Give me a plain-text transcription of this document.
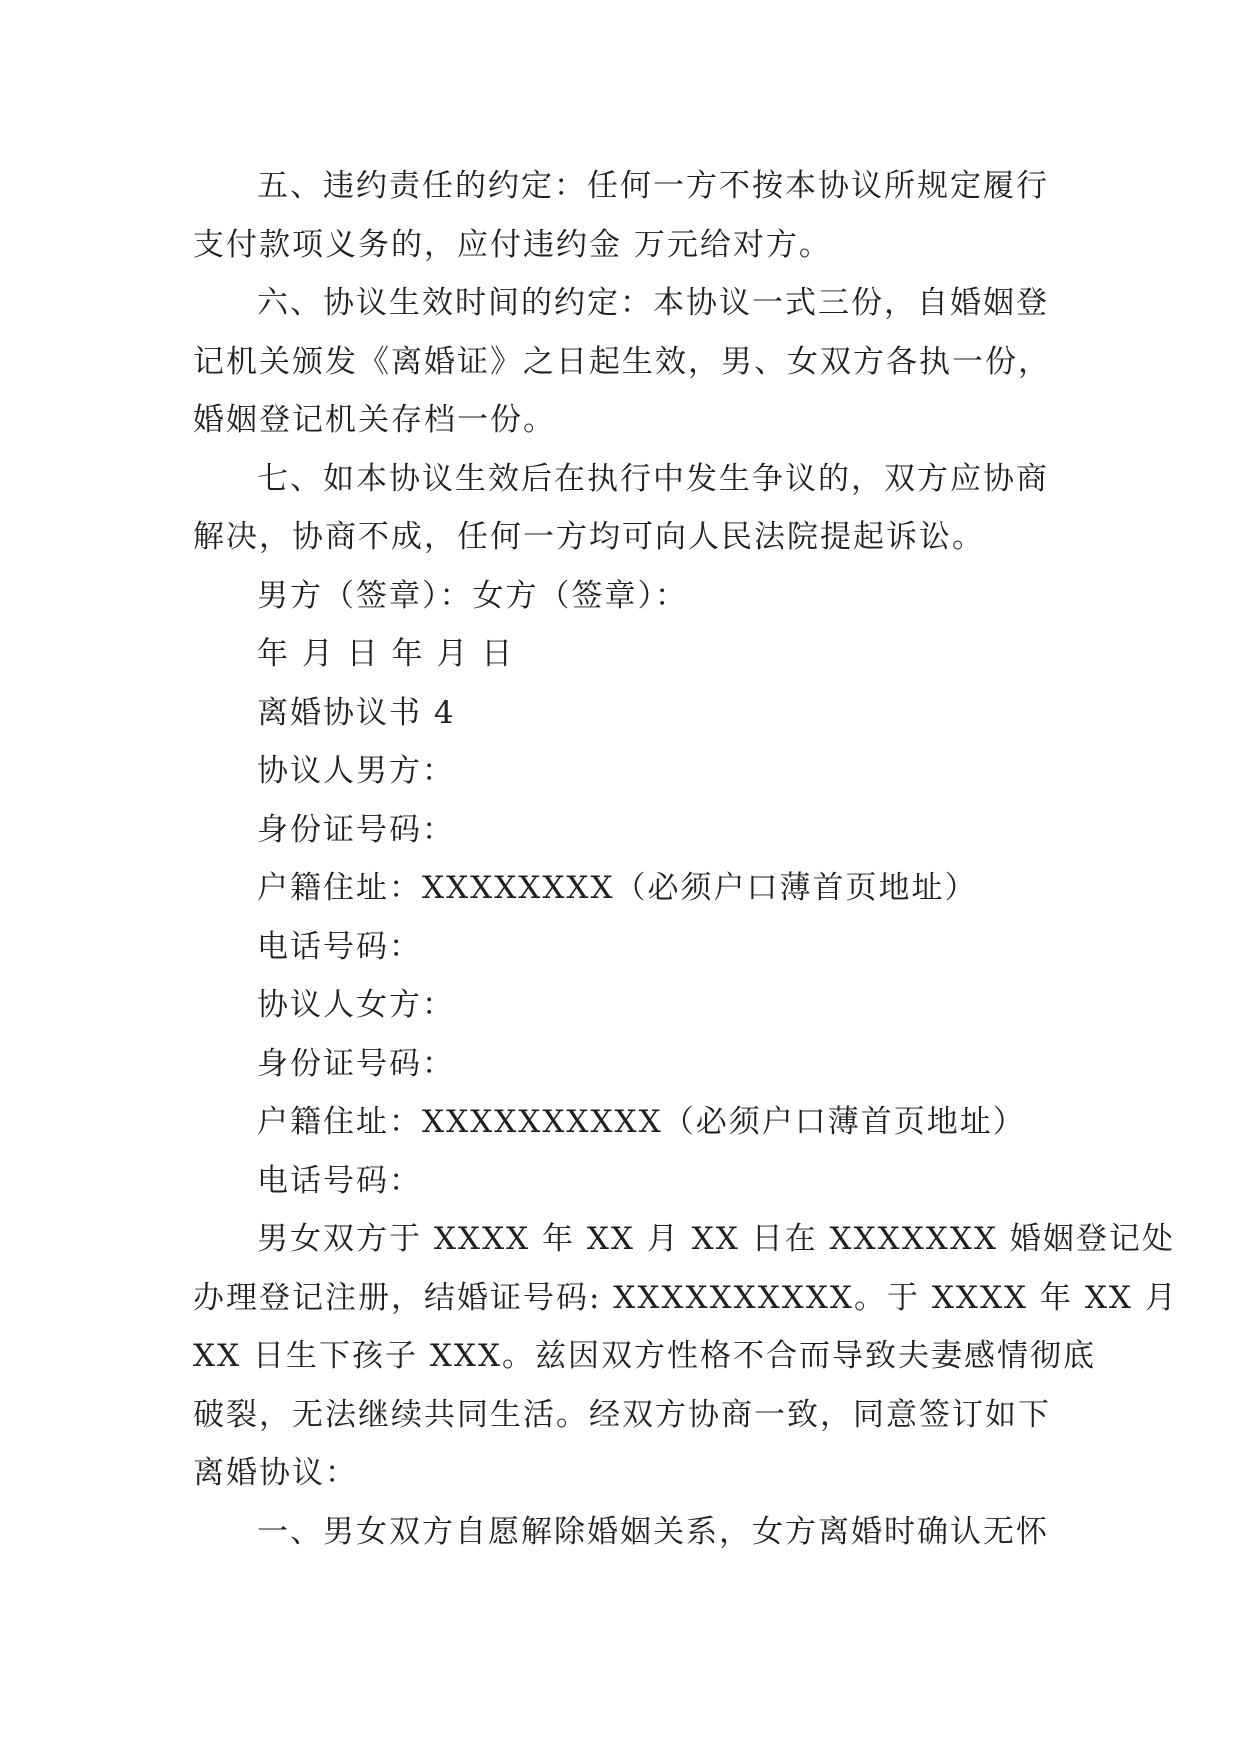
五、违约责任的约定：任何一方不按本协议所规定履行
支付款项义务的，应付违约金 万元给对方。
六、协议生效时间的约定：本协议一式三份，自婚姻登
记机关颁发《离婚证》之日起生效，男、女双方各执一份，
婚姻登记机关存档一份。
七、如本协议生效后在执行中发生争议的，双方应协商
解决，协商不成，任何一方均可向人民法院提起诉讼。
男方（签章）：女方（签章）：
年 月 日 年 月 日
离婚协议书 4
协议人男方：
身份证号码：
户籍住址：XXXXXXXX（必须户口薄首页地址）
电话号码：
协议人女方：
身份证号码：
户籍住址：XXXXXXXXXX（必须户口薄首页地址）
电话号码：
男女双方于 XXXX 年 XX 月 XX 日在 XXXXXXX 婚姻登记处
办理登记注册，结婚证号码: XXXXXXXXXX。于 XXXX 年 XX 月
XX 日生下孩子 XXX。兹因双方性格不合而导致夫妻感情彻底
破裂，无法继续共同生活。经双方协商一致，同意签订如下
离婚协议：
一、男女双方自愿解除婚姻关系，女方离婚时确认无怀
